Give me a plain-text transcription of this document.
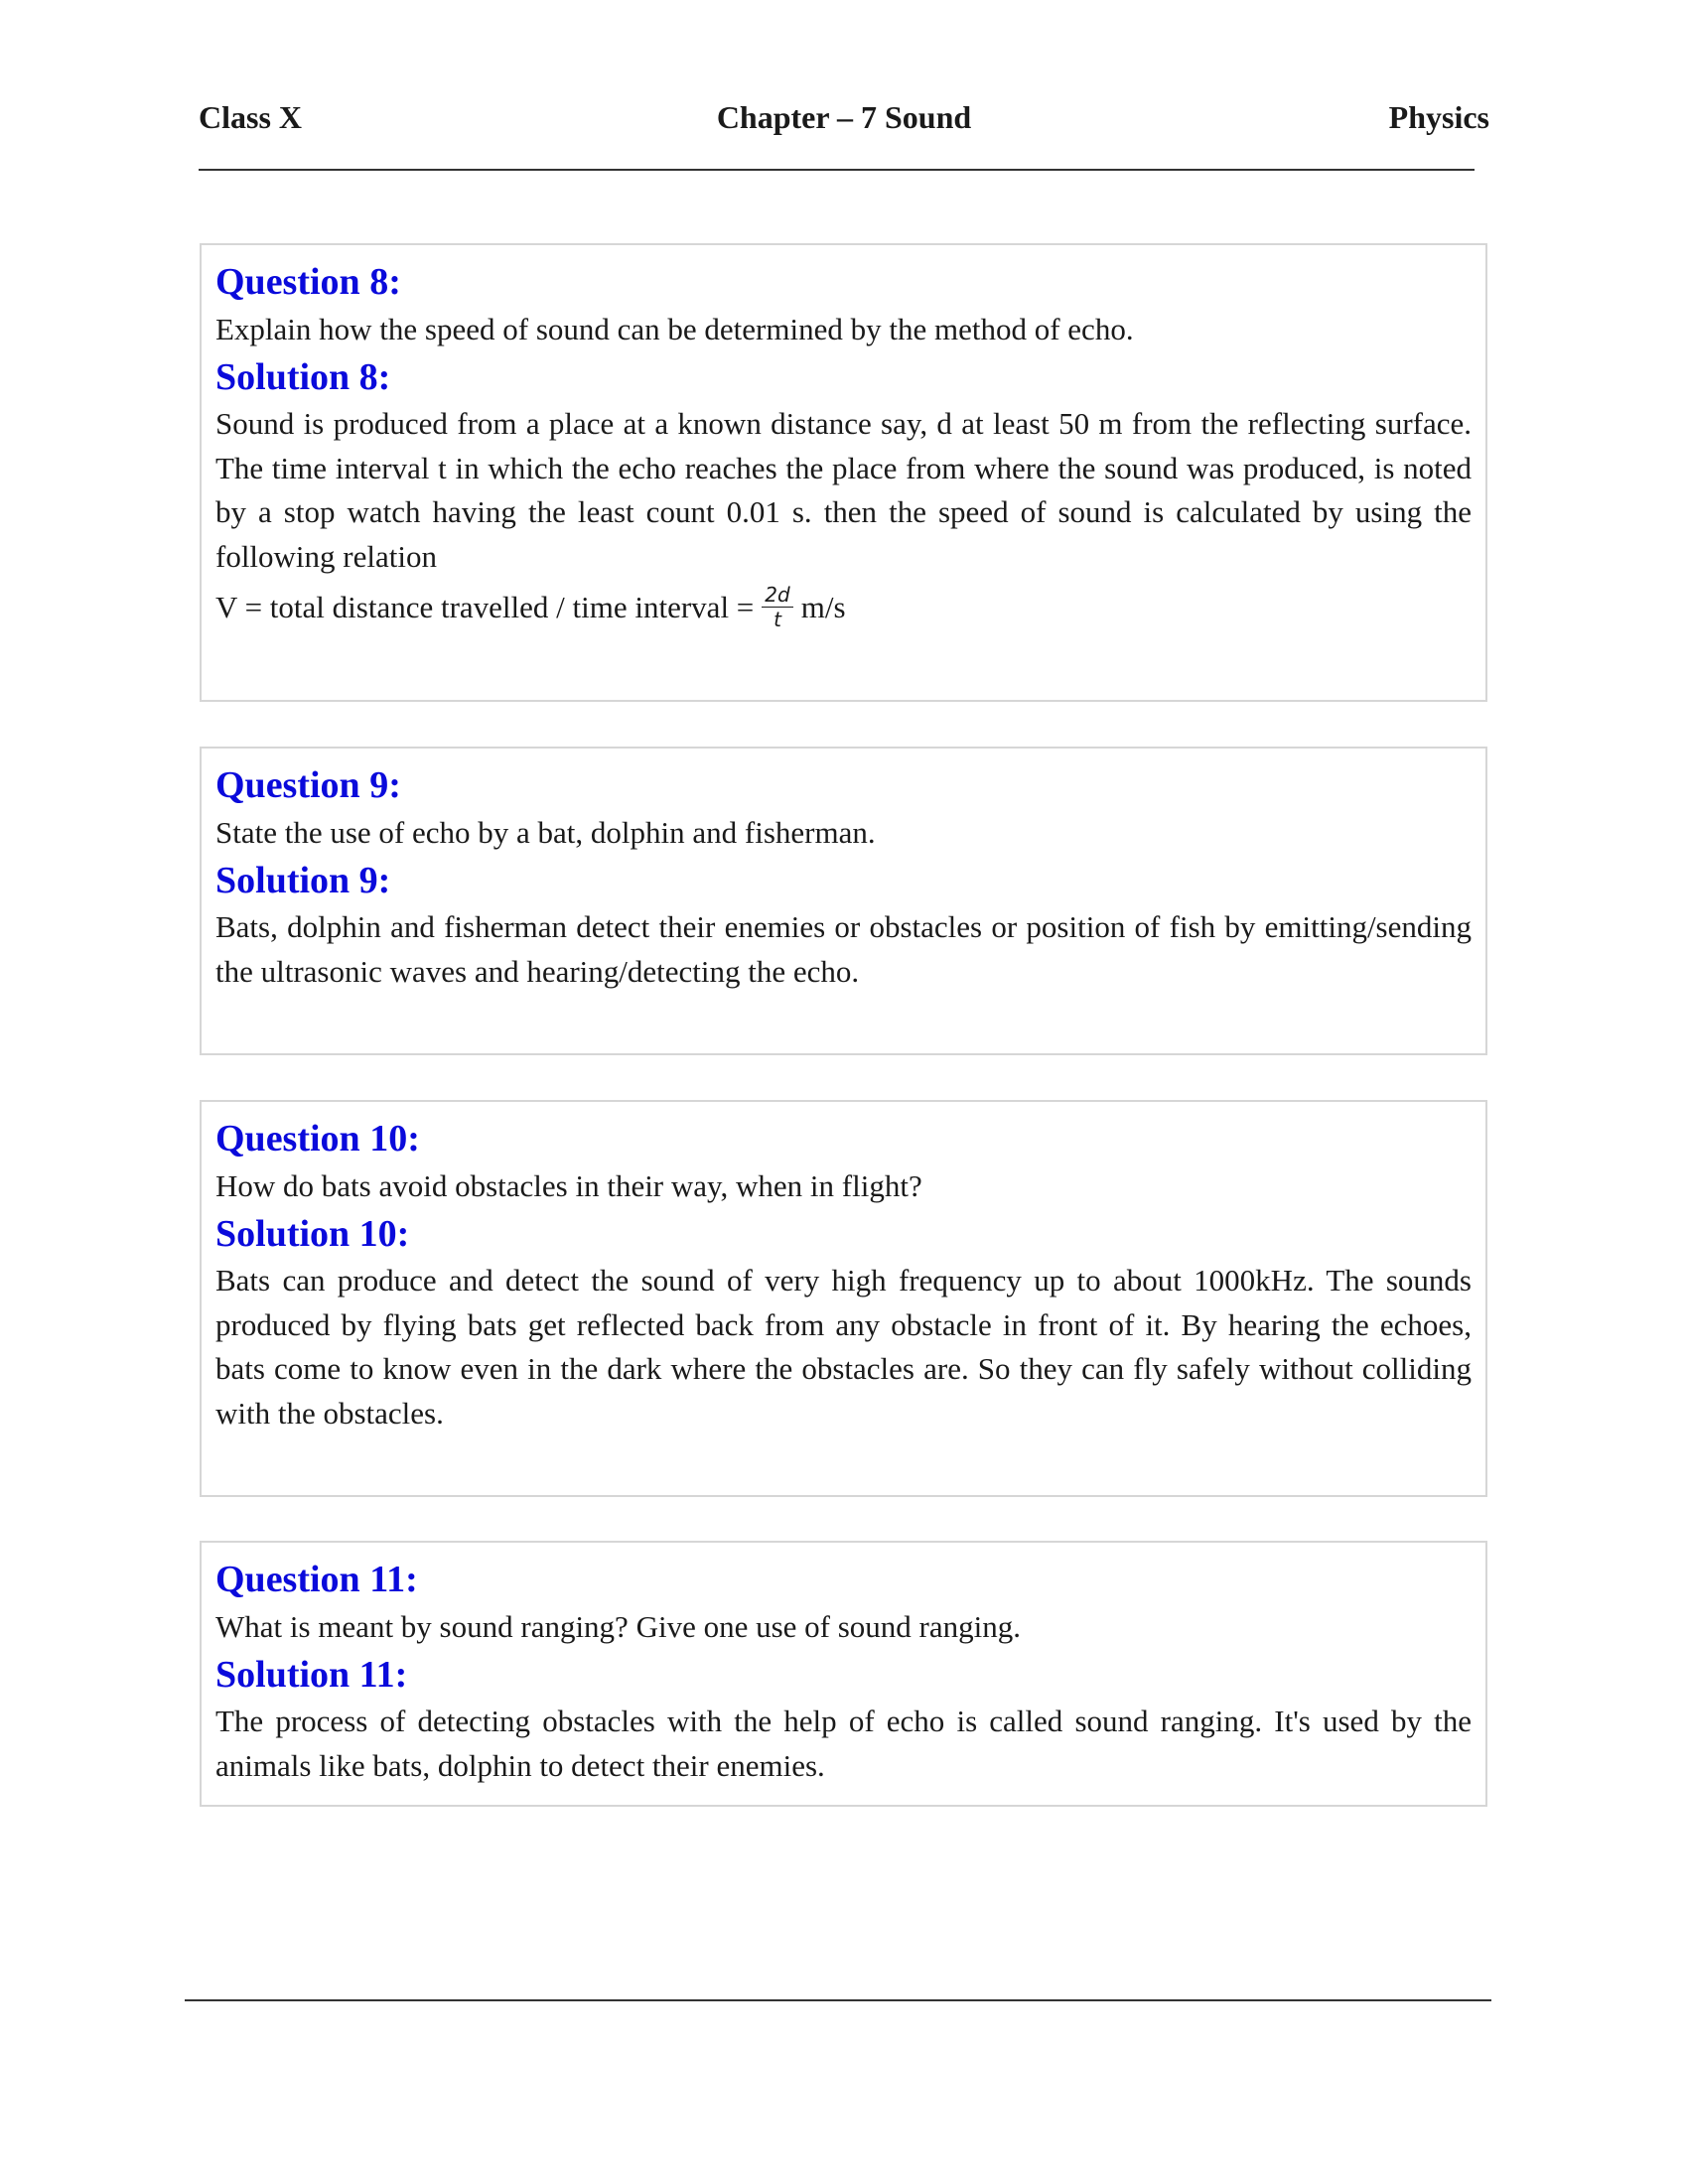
Class X	Chapter – 7 Sound	Physics

Question 8:

Explain how the speed of sound can be determined by the method of echo.

Solution 8:

Sound is produced from a place at a known distance say, d at least 50 m from the reflecting surface. The time interval t in which the echo reaches the place from where the sound was produced, is noted by a stop watch having the least count 0.01 s. then the speed of sound is calculated by using the following relation

V = total distance travelled / time interval = $\frac{2d}{t} m/s$

Question 9:

State the use of echo by a bat, dolphin and fisherman.

Solution 9:

Bats, dolphin and fisherman detect their enemies or obstacles or position of fish by emitting/sending the ultrasonic waves and hearing/detecting the echo.

Question 10:

How do bats avoid obstacles in their way, when in flight?

Solution 10:

Bats can produce and detect the sound of very high frequency up to about 1000kHz. The sounds produced by flying bats get reflected back from any obstacle in front of it. By hearing the echoes, bats come to know even in the dark where the obstacles are. So they can fly safely without colliding with the obstacles.

Question 11:

What is meant by sound ranging? Give one use of sound ranging.

Solution 11:

The process of detecting obstacles with the help of echo is called sound ranging. It's used by the animals like bats, dolphin to detect their enemies.
